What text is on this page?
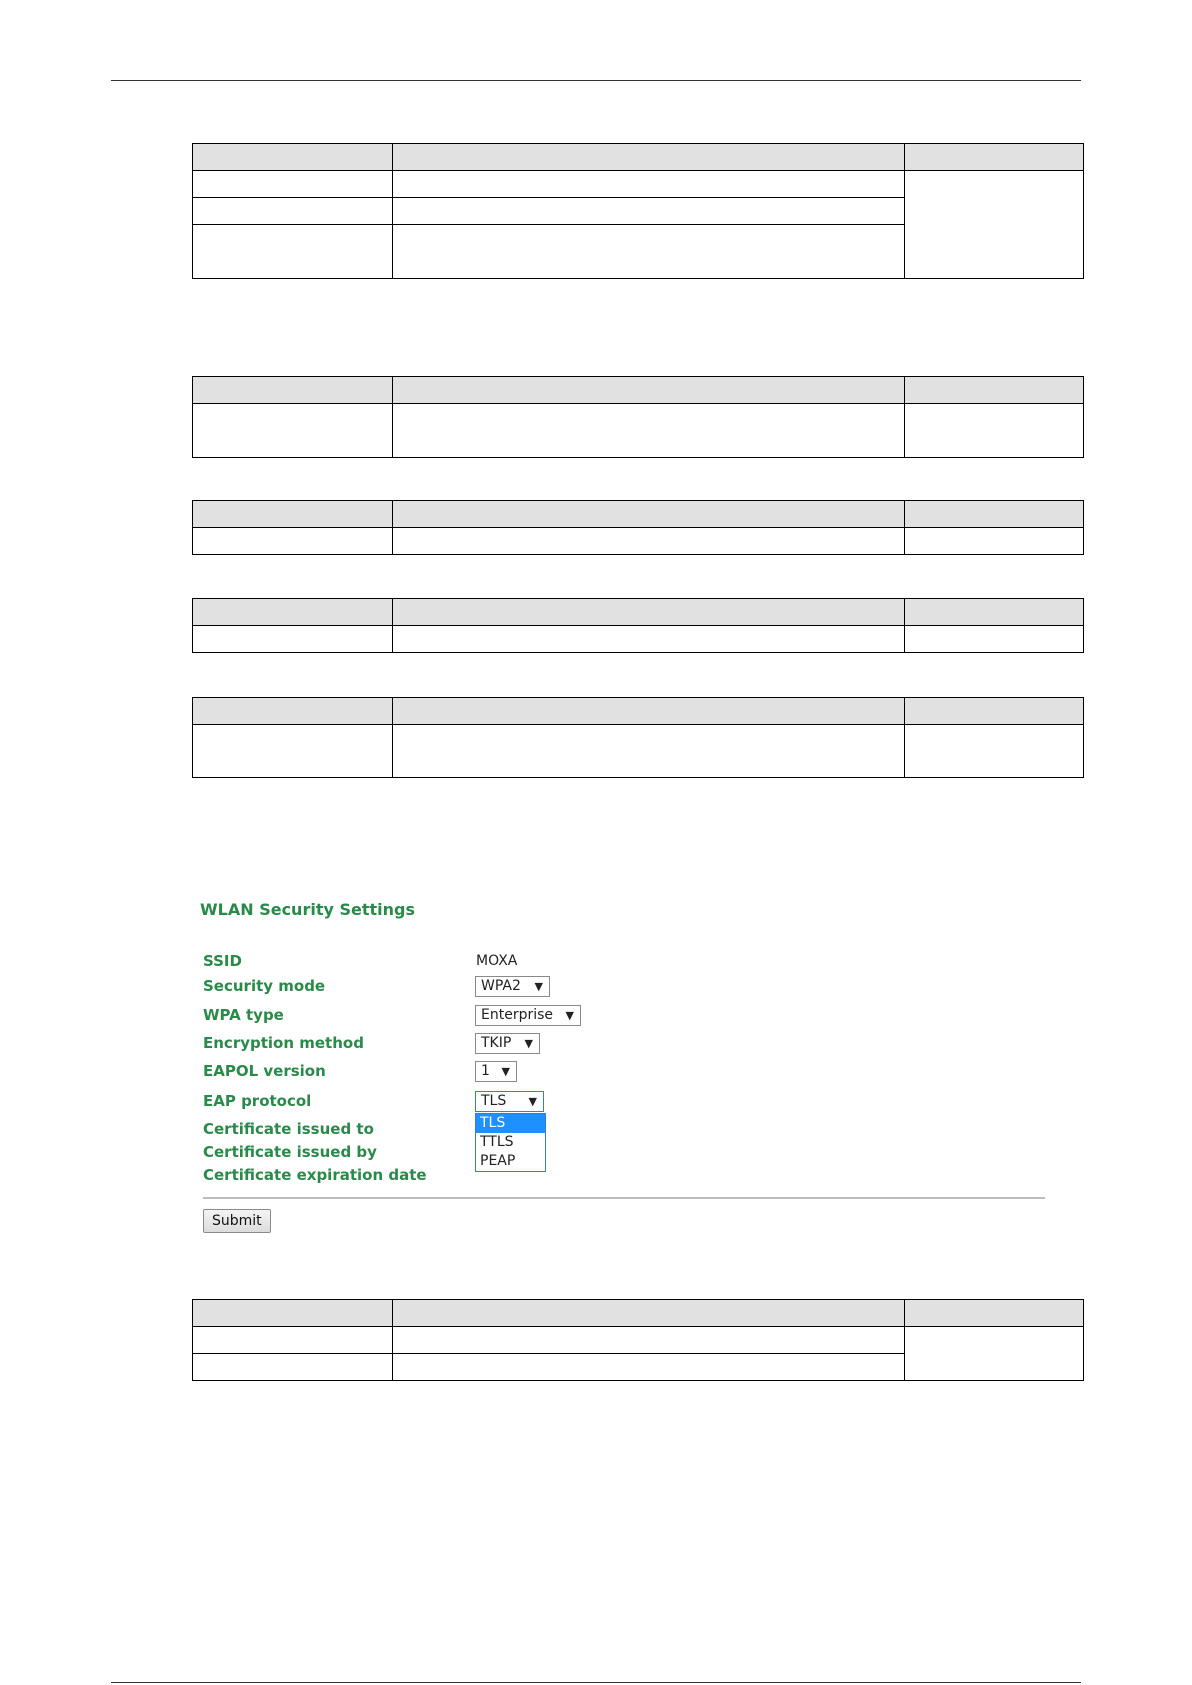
WLAN Security Settings
SSID	MOXA
Security mode	WPA2 ▼
WPA type	Enterprise ▼
Encryption method	TKIP ▼
EAPOL version	1 ▼
EAP protocol	TLS ▼
TLS
TTLS
PEAP
Certificate issued to
Certificate issued by
Certificate expiration date
Submit
